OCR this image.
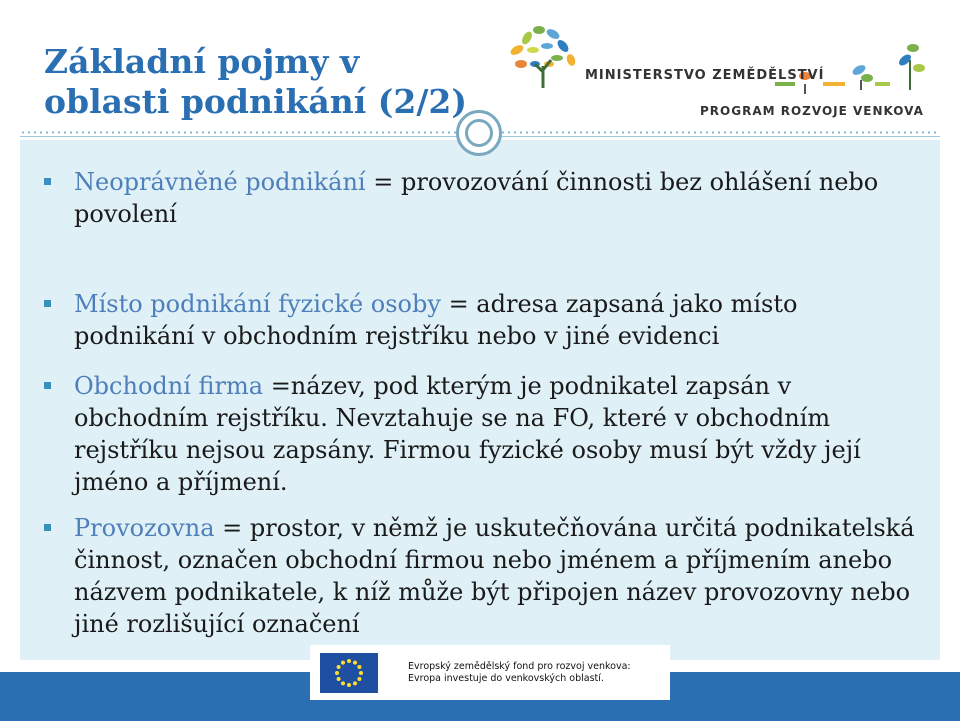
Základní pojmy v oblasti podnikání (2/2)
MINISTERSTVO ZEMĚDĚLSTVÍ
PROGRAM ROZVOJE VENKOVA
Neoprávněné podnikání = provozování činnosti bez ohlášení nebo povolení
Místo podnikání fyzické osoby = adresa zapsaná jako místo podnikání v obchodním rejstříku nebo v jiné evidenci
Obchodní firma =název, pod kterým je podnikatel zapsán v obchodním rejstříku. Nevztahuje se na FO, které v obchodním rejstříku nejsou zapsány. Firmou fyzické osoby musí být vždy její jméno a příjmení.
Provozovna = prostor, v němž je uskutečňována určitá podnikatelská činnost, označen obchodní firmou nebo jménem a příjmením anebo názvem podnikatele, k níž může být připojen název provozovny nebo jiné rozlišující označení
Evropský zemědělský fond pro rozvoj venkova:
Evropa investuje do venkovských oblastí.
